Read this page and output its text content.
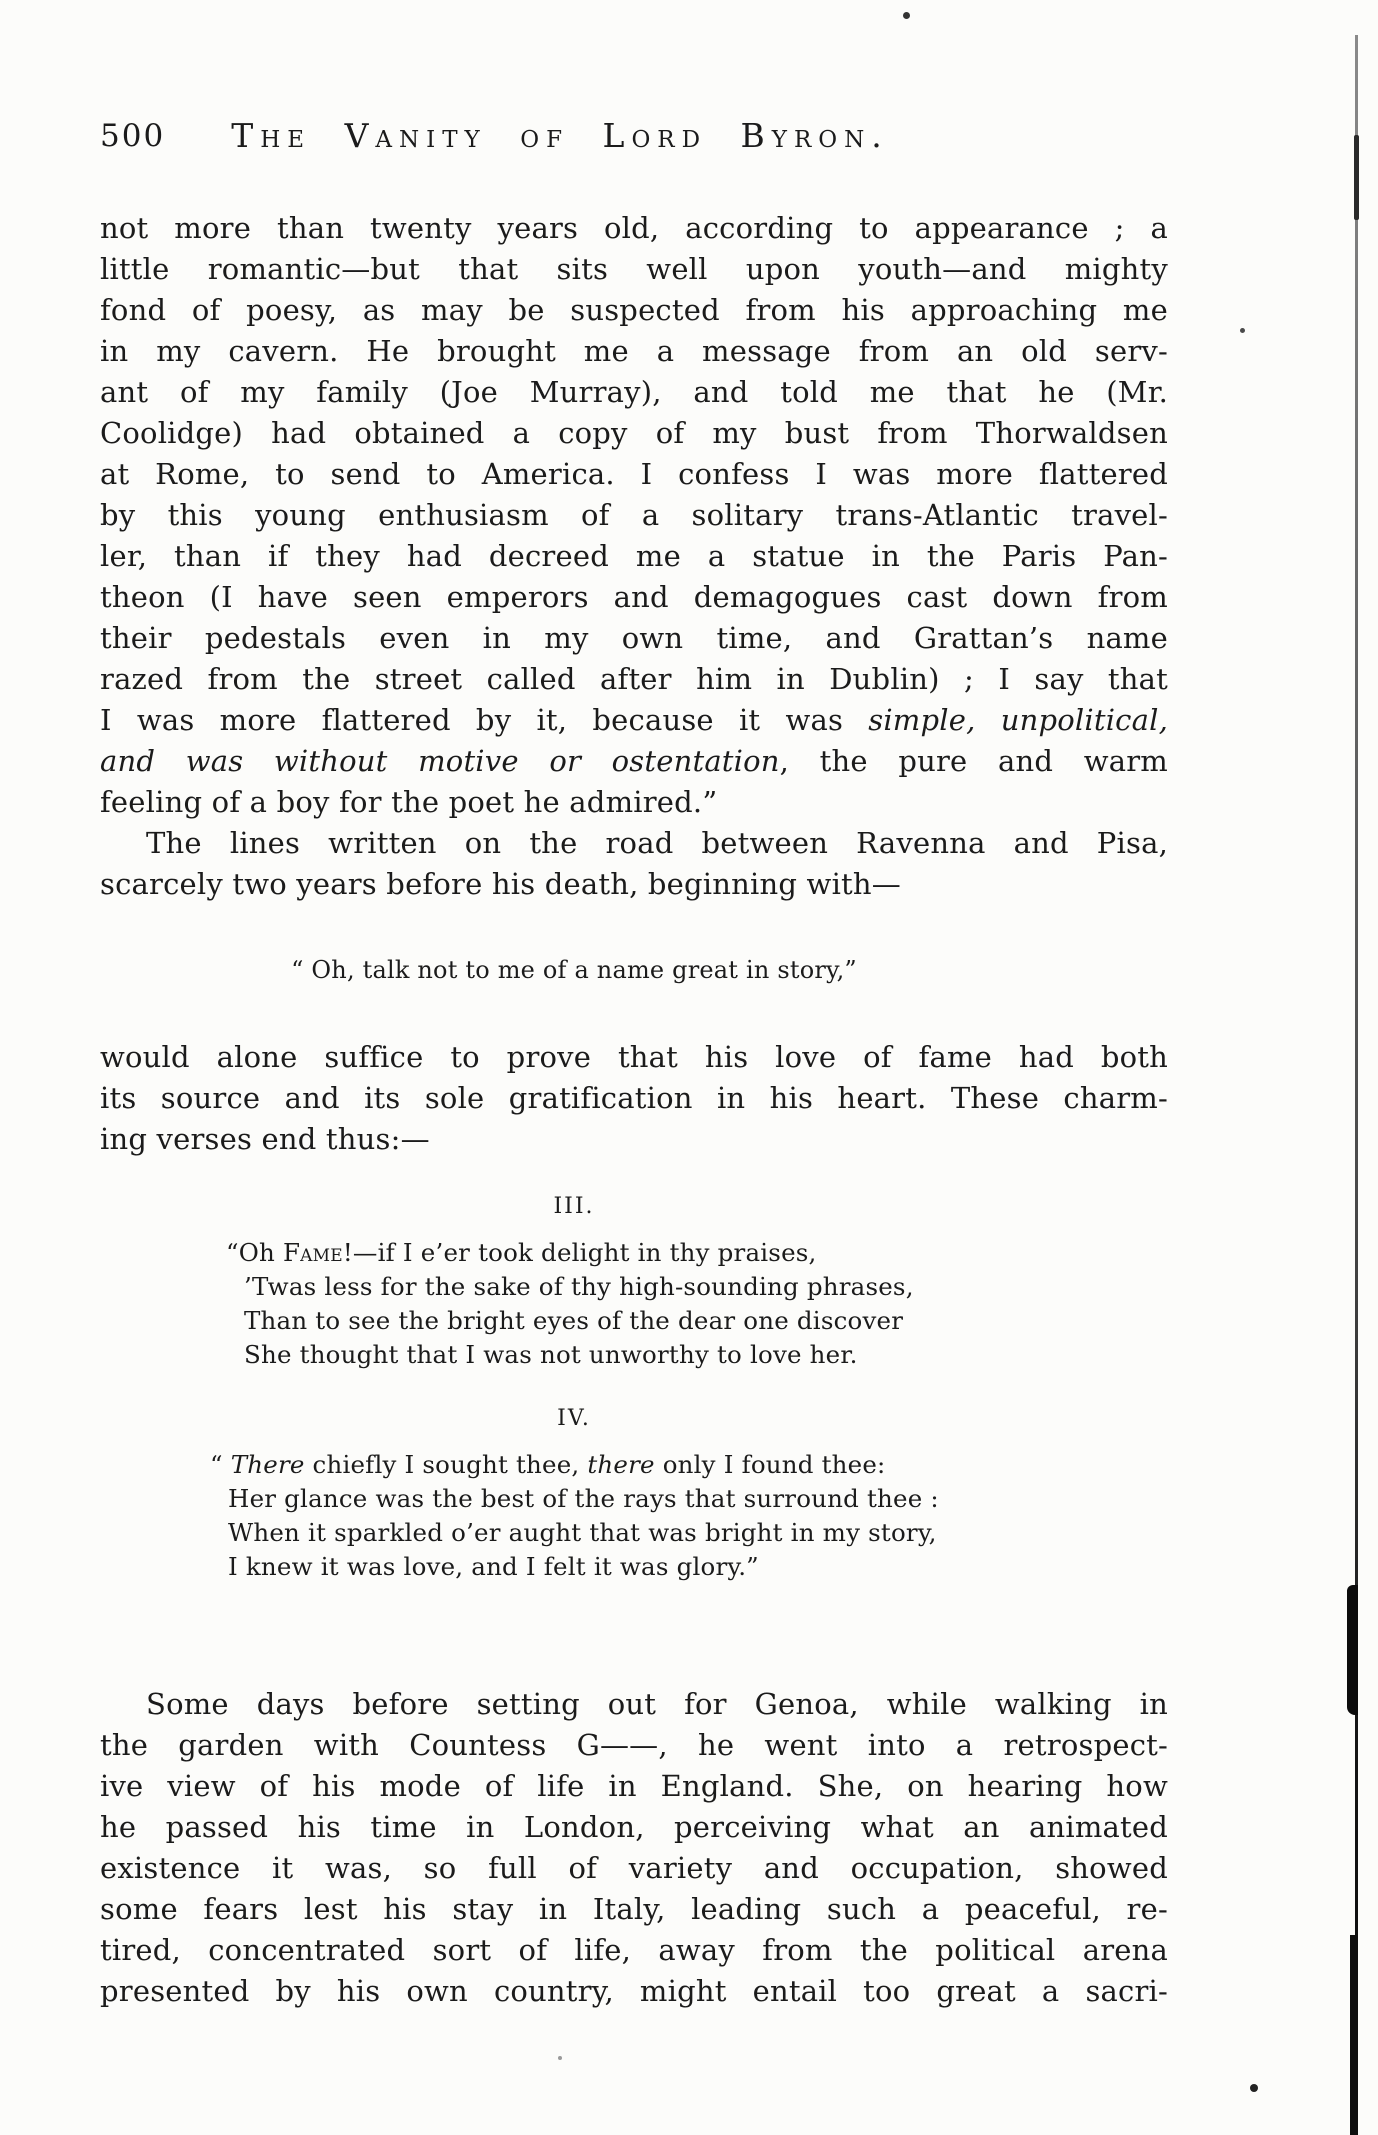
500	The Vanity of Lord Byron.
not more than twenty years old, according to appearance ; a
little romantic—but that sits well upon youth—and mighty
fond of poesy, as may be suspected from his approaching me
in my cavern. He brought me a message from an old serv-
ant of my family (Joe Murray), and told me that he (Mr.
Coolidge) had obtained a copy of my bust from Thorwaldsen
at Rome, to send to America. I confess I was more flattered
by this young enthusiasm of a solitary trans-Atlantic travel-
ler, than if they had decreed me a statue in the Paris Pan-
theon (I have seen emperors and demagogues cast down from
their pedestals even in my own time, and Grattan’s name
razed from the street called after him in Dublin) ; I say that
I was more flattered by it, because it was simple, unpolitical,
and was without motive or ostentation, the pure and warm
feeling of a boy for the poet he admired.”
The lines written on the road between Ravenna and Pisa,
scarcely two years before his death, beginning with—
“ Oh, talk not to me of a name great in story,”
would alone suffice to prove that his love of fame had both
its source and its sole gratification in his heart. These charm-
ing verses end thus:—
III.
“Oh Fame!—if I e’er took delight in thy praises,
’Twas less for the sake of thy high-sounding phrases,
Than to see the bright eyes of the dear one discover
She thought that I was not unworthy to love her.
IV.
“ There chiefly I sought thee, there only I found thee:
Her glance was the best of the rays that surround thee :
When it sparkled o’er aught that was bright in my story,
I knew it was love, and I felt it was glory.”
Some days before setting out for Genoa, while walking in
the garden with Countess G——, he went into a retrospect-
ive view of his mode of life in England. She, on hearing how
he passed his time in London, perceiving what an animated
existence it was, so full of variety and occupation, showed
some fears lest his stay in Italy, leading such a peaceful, re-
tired, concentrated sort of life, away from the political arena
presented by his own country, might entail too great a sacri-
